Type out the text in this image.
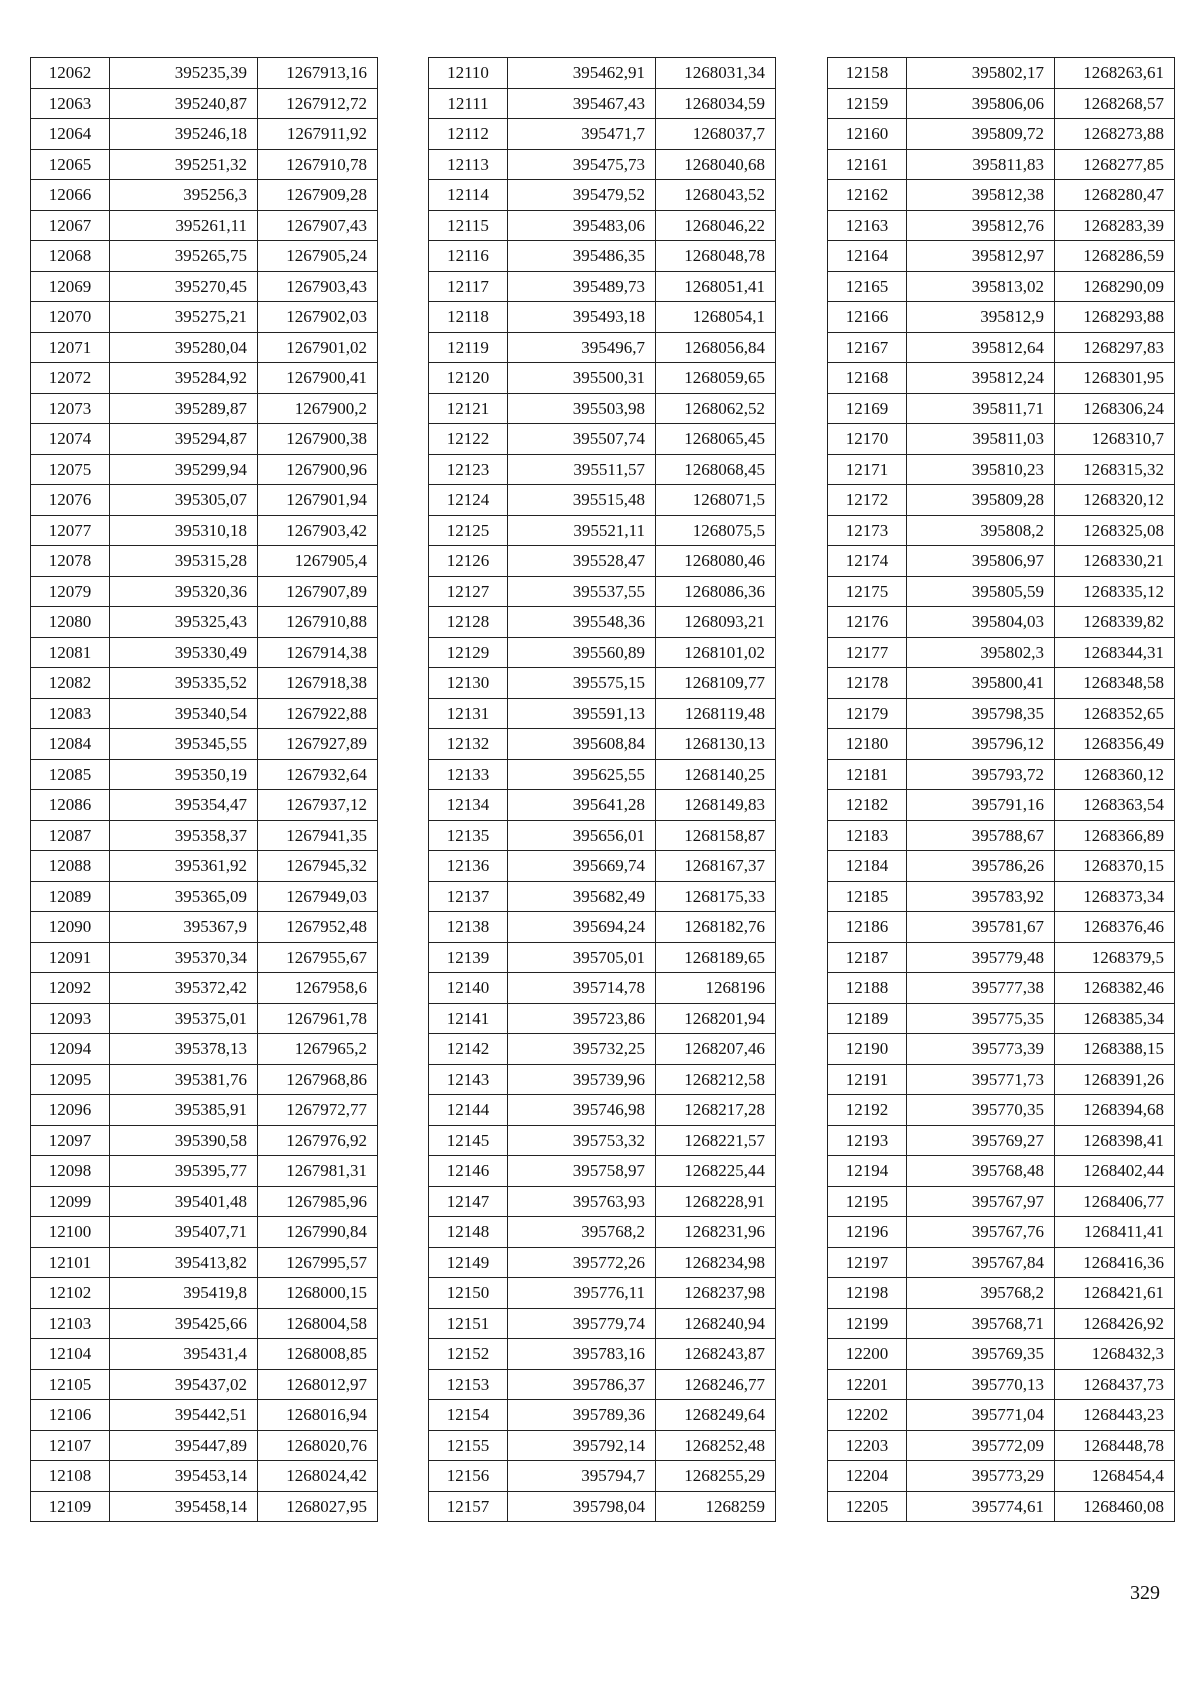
12062	395235,39	1267913,16
12063	395240,87	1267912,72
12064	395246,18	1267911,92
12065	395251,32	1267910,78
12066	395256,3	1267909,28
12067	395261,11	1267907,43
12068	395265,75	1267905,24
12069	395270,45	1267903,43
12070	395275,21	1267902,03
12071	395280,04	1267901,02
12072	395284,92	1267900,41
12073	395289,87	1267900,2
12074	395294,87	1267900,38
12075	395299,94	1267900,96
12076	395305,07	1267901,94
12077	395310,18	1267903,42
12078	395315,28	1267905,4
12079	395320,36	1267907,89
12080	395325,43	1267910,88
12081	395330,49	1267914,38
12082	395335,52	1267918,38
12083	395340,54	1267922,88
12084	395345,55	1267927,89
12085	395350,19	1267932,64
12086	395354,47	1267937,12
12087	395358,37	1267941,35
12088	395361,92	1267945,32
12089	395365,09	1267949,03
12090	395367,9	1267952,48
12091	395370,34	1267955,67
12092	395372,42	1267958,6
12093	395375,01	1267961,78
12094	395378,13	1267965,2
12095	395381,76	1267968,86
12096	395385,91	1267972,77
12097	395390,58	1267976,92
12098	395395,77	1267981,31
12099	395401,48	1267985,96
12100	395407,71	1267990,84
12101	395413,82	1267995,57
12102	395419,8	1268000,15
12103	395425,66	1268004,58
12104	395431,4	1268008,85
12105	395437,02	1268012,97
12106	395442,51	1268016,94
12107	395447,89	1268020,76
12108	395453,14	1268024,42
12109	395458,14	1268027,95
12110	395462,91	1268031,34
12111	395467,43	1268034,59
12112	395471,7	1268037,7
12113	395475,73	1268040,68
12114	395479,52	1268043,52
12115	395483,06	1268046,22
12116	395486,35	1268048,78
12117	395489,73	1268051,41
12118	395493,18	1268054,1
12119	395496,7	1268056,84
12120	395500,31	1268059,65
12121	395503,98	1268062,52
12122	395507,74	1268065,45
12123	395511,57	1268068,45
12124	395515,48	1268071,5
12125	395521,11	1268075,5
12126	395528,47	1268080,46
12127	395537,55	1268086,36
12128	395548,36	1268093,21
12129	395560,89	1268101,02
12130	395575,15	1268109,77
12131	395591,13	1268119,48
12132	395608,84	1268130,13
12133	395625,55	1268140,25
12134	395641,28	1268149,83
12135	395656,01	1268158,87
12136	395669,74	1268167,37
12137	395682,49	1268175,33
12138	395694,24	1268182,76
12139	395705,01	1268189,65
12140	395714,78	1268196
12141	395723,86	1268201,94
12142	395732,25	1268207,46
12143	395739,96	1268212,58
12144	395746,98	1268217,28
12145	395753,32	1268221,57
12146	395758,97	1268225,44
12147	395763,93	1268228,91
12148	395768,2	1268231,96
12149	395772,26	1268234,98
12150	395776,11	1268237,98
12151	395779,74	1268240,94
12152	395783,16	1268243,87
12153	395786,37	1268246,77
12154	395789,36	1268249,64
12155	395792,14	1268252,48
12156	395794,7	1268255,29
12157	395798,04	1268259
12158	395802,17	1268263,61
12159	395806,06	1268268,57
12160	395809,72	1268273,88
12161	395811,83	1268277,85
12162	395812,38	1268280,47
12163	395812,76	1268283,39
12164	395812,97	1268286,59
12165	395813,02	1268290,09
12166	395812,9	1268293,88
12167	395812,64	1268297,83
12168	395812,24	1268301,95
12169	395811,71	1268306,24
12170	395811,03	1268310,7
12171	395810,23	1268315,32
12172	395809,28	1268320,12
12173	395808,2	1268325,08
12174	395806,97	1268330,21
12175	395805,59	1268335,12
12176	395804,03	1268339,82
12177	395802,3	1268344,31
12178	395800,41	1268348,58
12179	395798,35	1268352,65
12180	395796,12	1268356,49
12181	395793,72	1268360,12
12182	395791,16	1268363,54
12183	395788,67	1268366,89
12184	395786,26	1268370,15
12185	395783,92	1268373,34
12186	395781,67	1268376,46
12187	395779,48	1268379,5
12188	395777,38	1268382,46
12189	395775,35	1268385,34
12190	395773,39	1268388,15
12191	395771,73	1268391,26
12192	395770,35	1268394,68
12193	395769,27	1268398,41
12194	395768,48	1268402,44
12195	395767,97	1268406,77
12196	395767,76	1268411,41
12197	395767,84	1268416,36
12198	395768,2	1268421,61
12199	395768,71	1268426,92
12200	395769,35	1268432,3
12201	395770,13	1268437,73
12202	395771,04	1268443,23
12203	395772,09	1268448,78
12204	395773,29	1268454,4
12205	395774,61	1268460,08
329
